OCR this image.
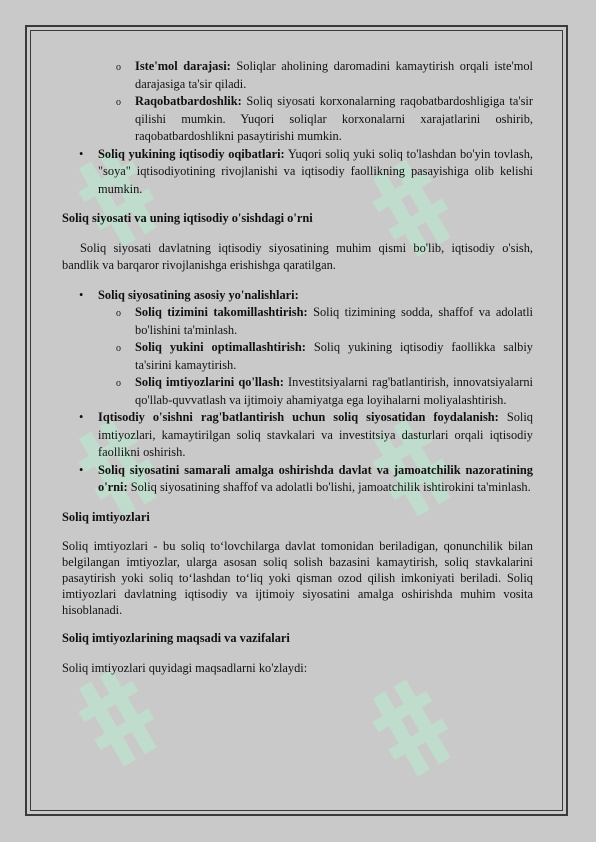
o Iste'mol darajasi: Soliqlar aholining daromadini kamaytirish orqali iste'mol darajasiga ta'sir qiladi.
o Raqobatbardoshlik: Soliq siyosati korxonalarning raqobatbardoshligiga ta'sir qilishi mumkin. Yuqori soliqlar korxonalarni xarajatlarini oshirib, raqobatbardoshlikni pasaytirishi mumkin.
• Soliq yukining iqtisodiy oqibatlari: Yuqori soliq yuki soliq to'lashdan bo'yin tovlash, "soya" iqtisodiyotining rivojlanishi va iqtisodiy faollikning pasayishiga olib kelishi mumkin.
Soliq siyosati va uning iqtisodiy o'sishdagi o'rni

Soliq siyosati davlatning iqtisodiy siyosatining muhim qismi bo'lib, iqtisodiy o'sish, bandlik va barqaror rivojlanishga erishishga qaratilgan.

• Soliq siyosatining asosiy yo'nalishlari:
o Soliq tizimini takomillashtirish: Soliq tizimining sodda, shaffof va adolatli bo'lishini ta'minlash.
o Soliq yukini optimallashtirish: Soliq yukining iqtisodiy faollikka salbiy ta'sirini kamaytirish.
o Soliq imtiyozlarini qo'llash: Investitsiyalarni rag'batlantirish, innovatsiyalarni qo'llab-quvvatlash va ijtimoiy ahamiyatga ega loyihalarni moliyalashtirish.
• Iqtisodiy o'sishni rag'batlantirish uchun soliq siyosatidan foydalanish: Soliq imtiyozlari, kamaytirilgan soliq stavkalari va investitsiya dasturlari orqali iqtisodiy faollikni oshirish.
• Soliq siyosatini samarali amalga oshirishda davlat va jamoatchilik nazoratining o'rni: Soliq siyosatining shaffof va adolatli bo'lishi, jamoatchilik ishtirokini ta'minlash.
Soliq imtiyozlari

Soliq imtiyozlari - bu soliq to‘lovchilarga davlat tomonidan beriladigan, qonunchilik bilan belgilangan imtiyozlar, ularga asosan soliq solish bazasini kamaytirish, soliq stavkalarini pasaytirish yoki soliq to‘lashdan to‘liq yoki qisman ozod qilish imkoniyati beriladi. Soliq imtiyozlari davlatning iqtisodiy va ijtimoiy siyosatini amalga oshirishda muhim vosita hisoblanadi.

Soliq imtiyozlarining maqsadi va vazifalari

Soliq imtiyozlari quyidagi maqsadlarni ko'zlaydi:
